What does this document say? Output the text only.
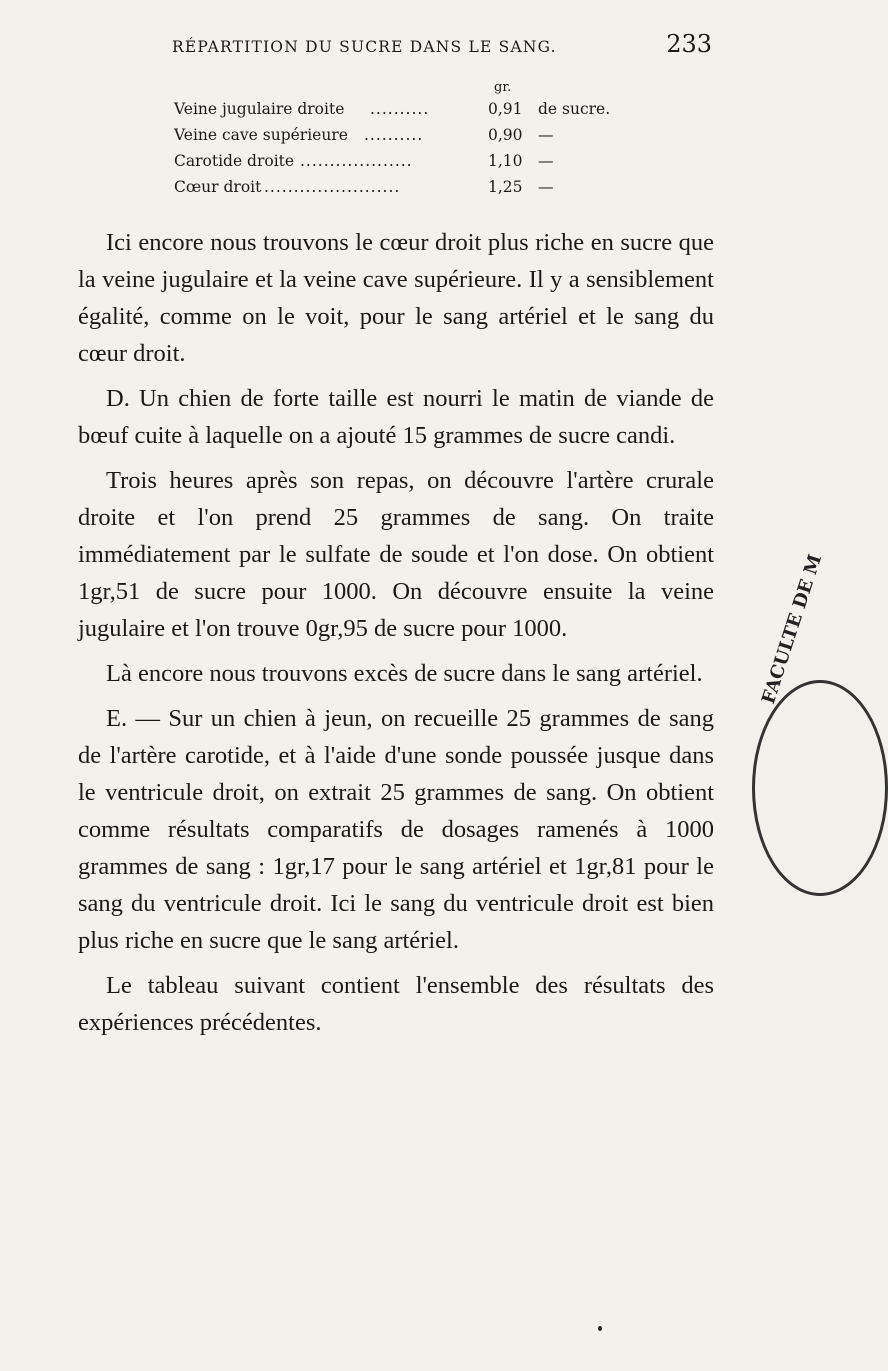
RÉPARTITION DU SUCRE DANS LE SANG.	233
gr.
Veine jugulaire droite ..........	0,91 de sucre.
Veine cave supérieure ..........	0,90 —
Carotide droite ...................	1,10 —
Cœur droit .......................	1,25 —

Ici encore nous trouvons le cœur droit plus riche en sucre que la veine jugulaire et la veine cave supérieure. Il y a sensiblement égalité, comme on le voit, pour le sang artériel et le sang du cœur droit.

D. Un chien de forte taille est nourri le matin de viande de bœuf cuite à laquelle on a ajouté 15 grammes de sucre candi.

Trois heures après son repas, on découvre l'artère crurale droite et l'on prend 25 grammes de sang. On traite immédiatement par le sulfate de soude et l'on dose. On obtient 1gr,51 de sucre pour 1000. On découvre ensuite la veine jugulaire et l'on trouve 0gr,95 de sucre pour 1000.

Là encore nous trouvons excès de sucre dans le sang artériel.

E. — Sur un chien à jeun, on recueille 25 grammes de sang de l'artère carotide, et à l'aide d'une sonde poussée jusque dans le ventricule droit, on extrait 25 grammes de sang. On obtient comme résultats comparatifs de dosages ramenés à 1000 grammes de sang : 1gr,17 pour le sang artériel et 1gr,81 pour le sang du ventricule droit. Ici le sang du ventricule droit est bien plus riche en sucre que le sang artériel.

Le tableau suivant contient l'ensemble des résultats des expériences précédentes.

FACULTE DE M
